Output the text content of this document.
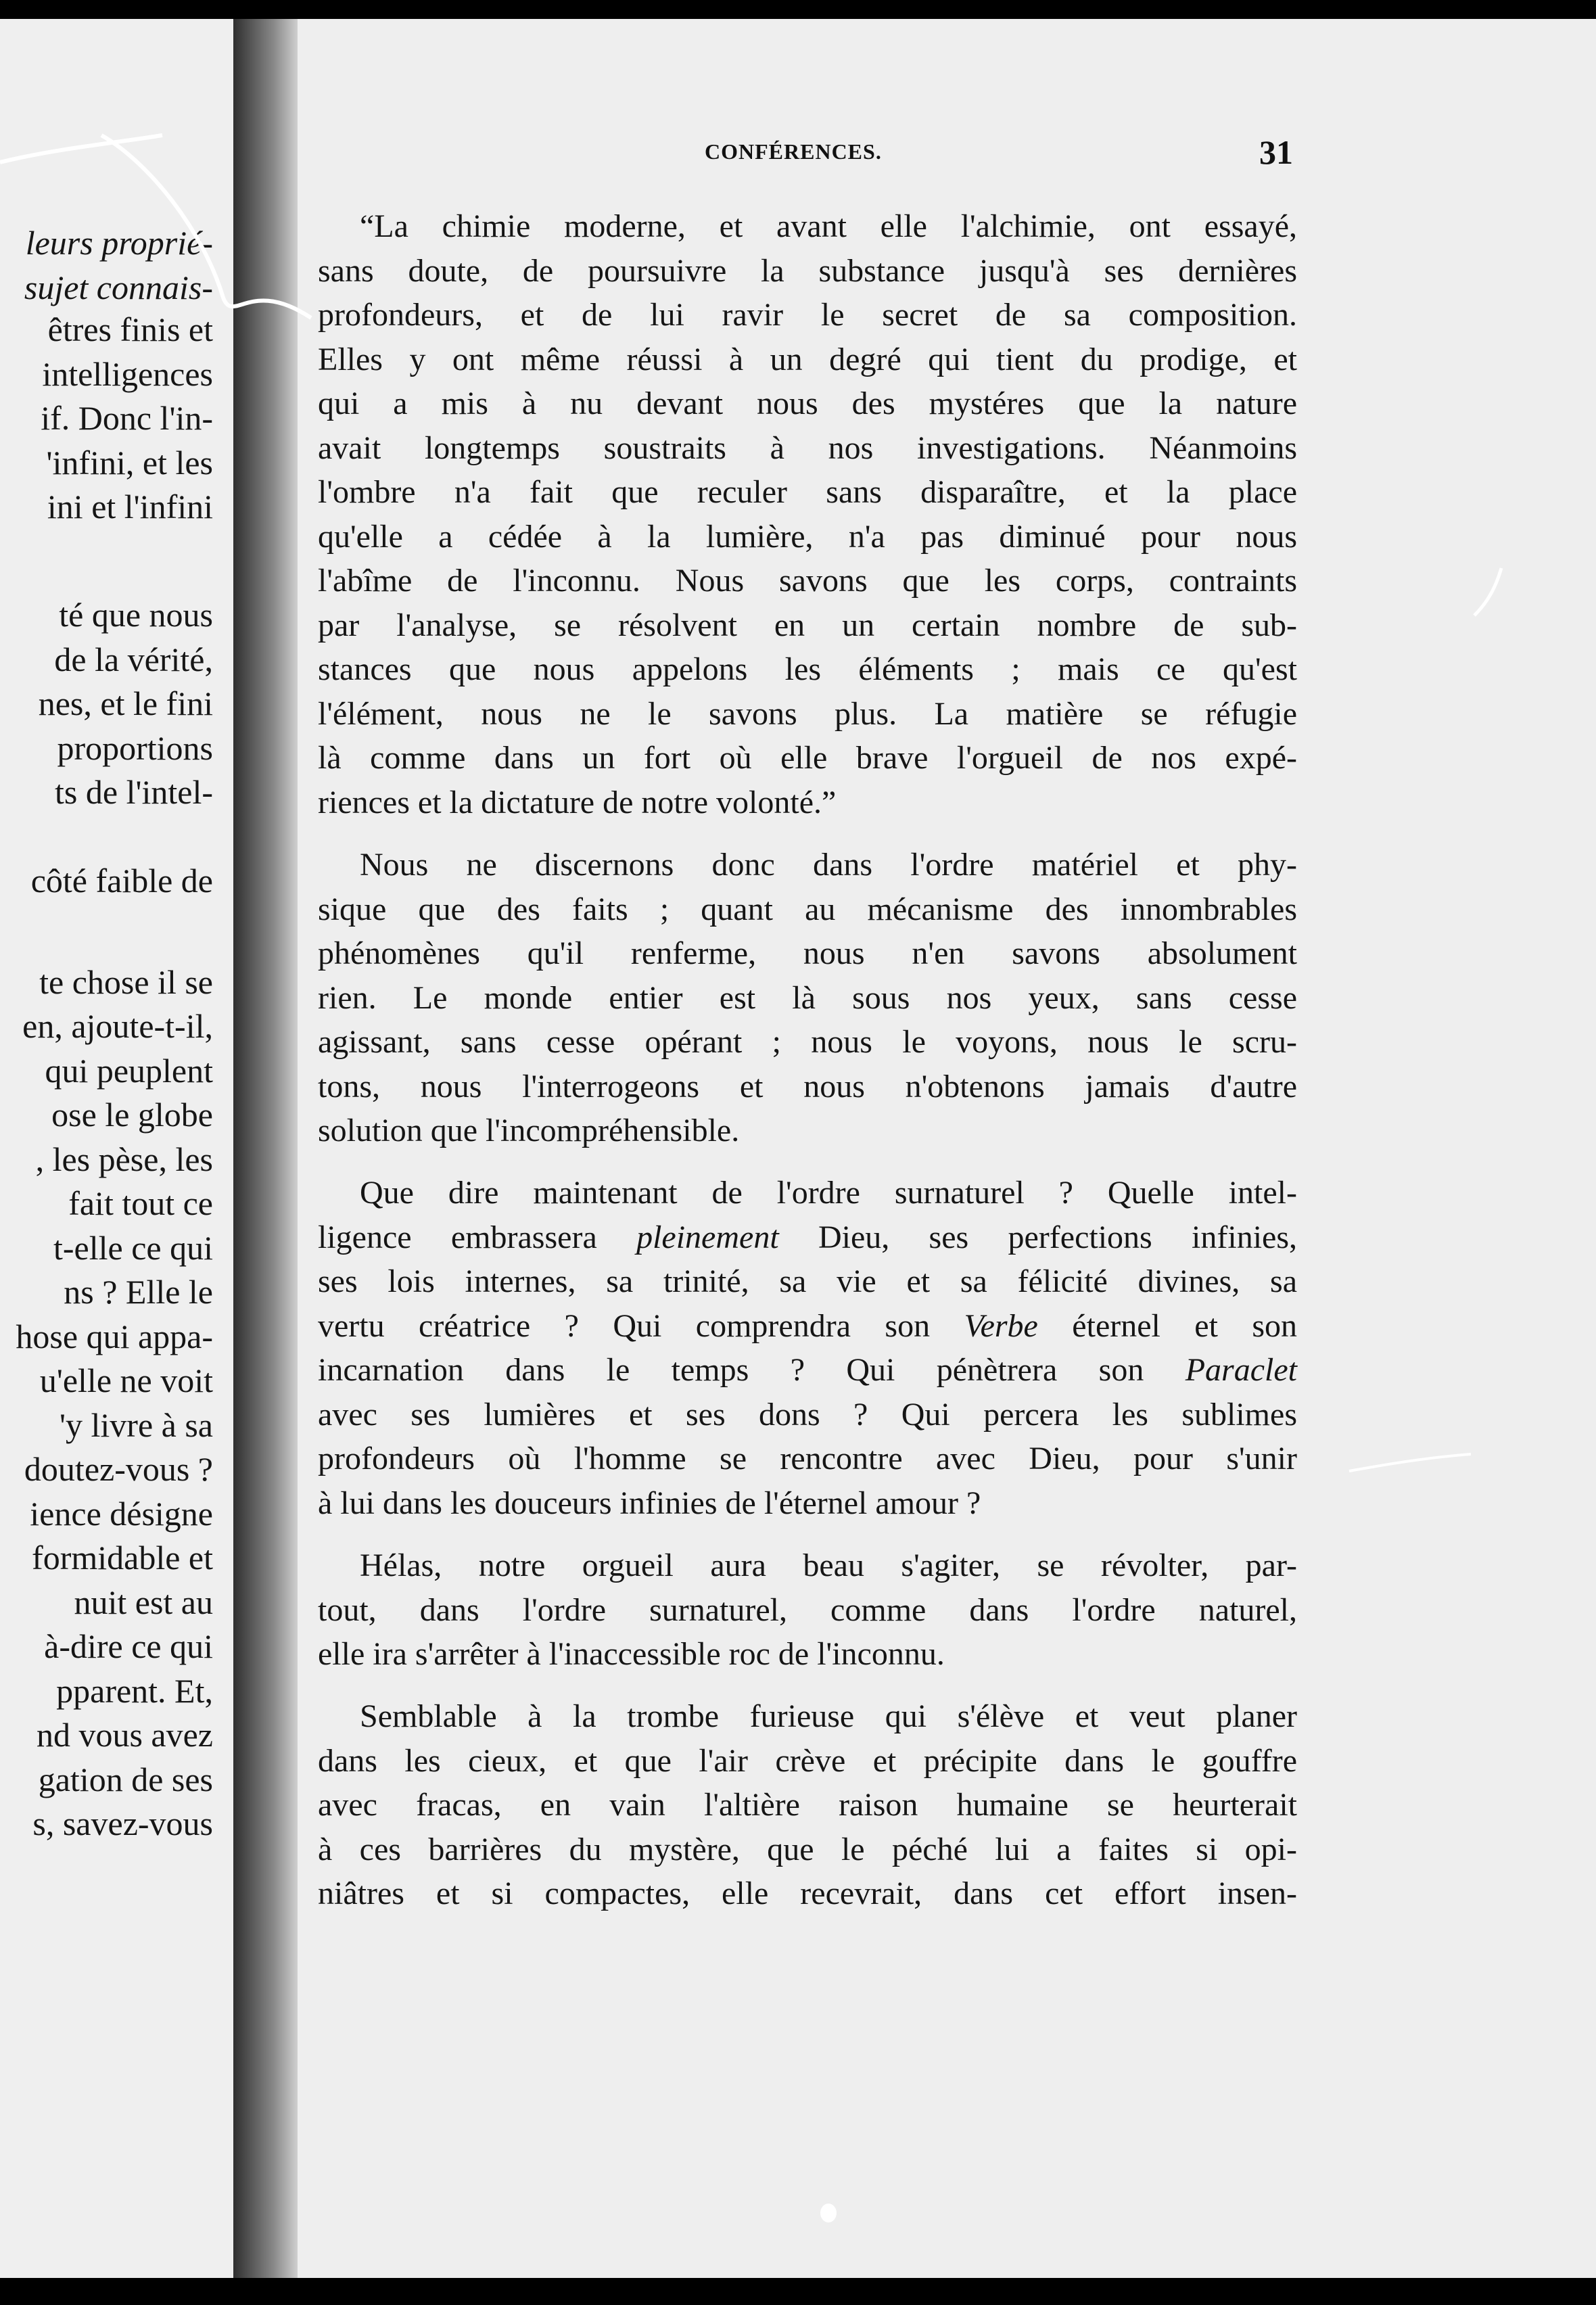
leurs proprié-
sujet connais-
êtres finis et
intelligences
if. Donc l'in-
'infini, et les
ini et l'infini
té que nous
de la vérité,
nes, et le fini
proportions
ts de l'intel-
côté faible de
te chose il se
en, ajoute-t-il,
qui peuplent
ose le globe
, les pèse, les
fait tout ce
t-elle ce qui
ns ? Elle le
hose qui appa-
u'elle ne voit
'y livre à sa
doutez-vous ?
ience désigne
formidable et
nuit est au
à-dire ce qui
pparent. Et,
nd vous avez
gation de ses
s, savez-vous
CONFÉRENCES.	31
“La chimie moderne, et avant elle l'alchimie, ont essayé,
sans doute, de poursuivre la substance jusqu'à ses dernières
profondeurs, et de lui ravir le secret de sa composition.
Elles y ont même réussi à un degré qui tient du prodige, et
qui a mis à nu devant nous des mystéres que la nature
avait longtemps soustraits à nos investigations. Néanmoins
l'ombre n'a fait que reculer sans disparaître, et la place
qu'elle a cédée à la lumière, n'a pas diminué pour nous
l'abîme de l'inconnu. Nous savons que les corps, contraints
par l'analyse, se résolvent en un certain nombre de sub-
stances que nous appelons les éléments ; mais ce qu'est
l'élément, nous ne le savons plus. La matière se réfugie
là comme dans un fort où elle brave l'orgueil de nos expé-
riences et la dictature de notre volonté.”
Nous ne discernons donc dans l'ordre matériel et phy-
sique que des faits ; quant au mécanisme des innombrables
phénomènes qu'il renferme, nous n'en savons absolument
rien. Le monde entier est là sous nos yeux, sans cesse
agissant, sans cesse opérant ; nous le voyons, nous le scru-
tons, nous l'interrogeons et nous n'obtenons jamais d'autre
solution que l'incompréhensible.
Que dire maintenant de l'ordre surnaturel ? Quelle intel-
ligence embrassera pleinement Dieu, ses perfections infinies,
ses lois internes, sa trinité, sa vie et sa félicité divines, sa
vertu créatrice ? Qui comprendra son Verbe éternel et son
incarnation dans le temps ? Qui pénètrera son Paraclet
avec ses lumières et ses dons ? Qui percera les sublimes
profondeurs où l'homme se rencontre avec Dieu, pour s'unir
à lui dans les douceurs infinies de l'éternel amour ?
Hélas, notre orgueil aura beau s'agiter, se révolter, par-
tout, dans l'ordre surnaturel, comme dans l'ordre naturel,
elle ira s'arrêter à l'inaccessible roc de l'inconnu.
Semblable à la trombe furieuse qui s'élève et veut planer
dans les cieux, et que l'air crève et précipite dans le gouffre
avec fracas, en vain l'altière raison humaine se heurterait
à ces barrières du mystère, que le péché lui a faites si opi-
niâtres et si compactes, elle recevrait, dans cet effort insen-
